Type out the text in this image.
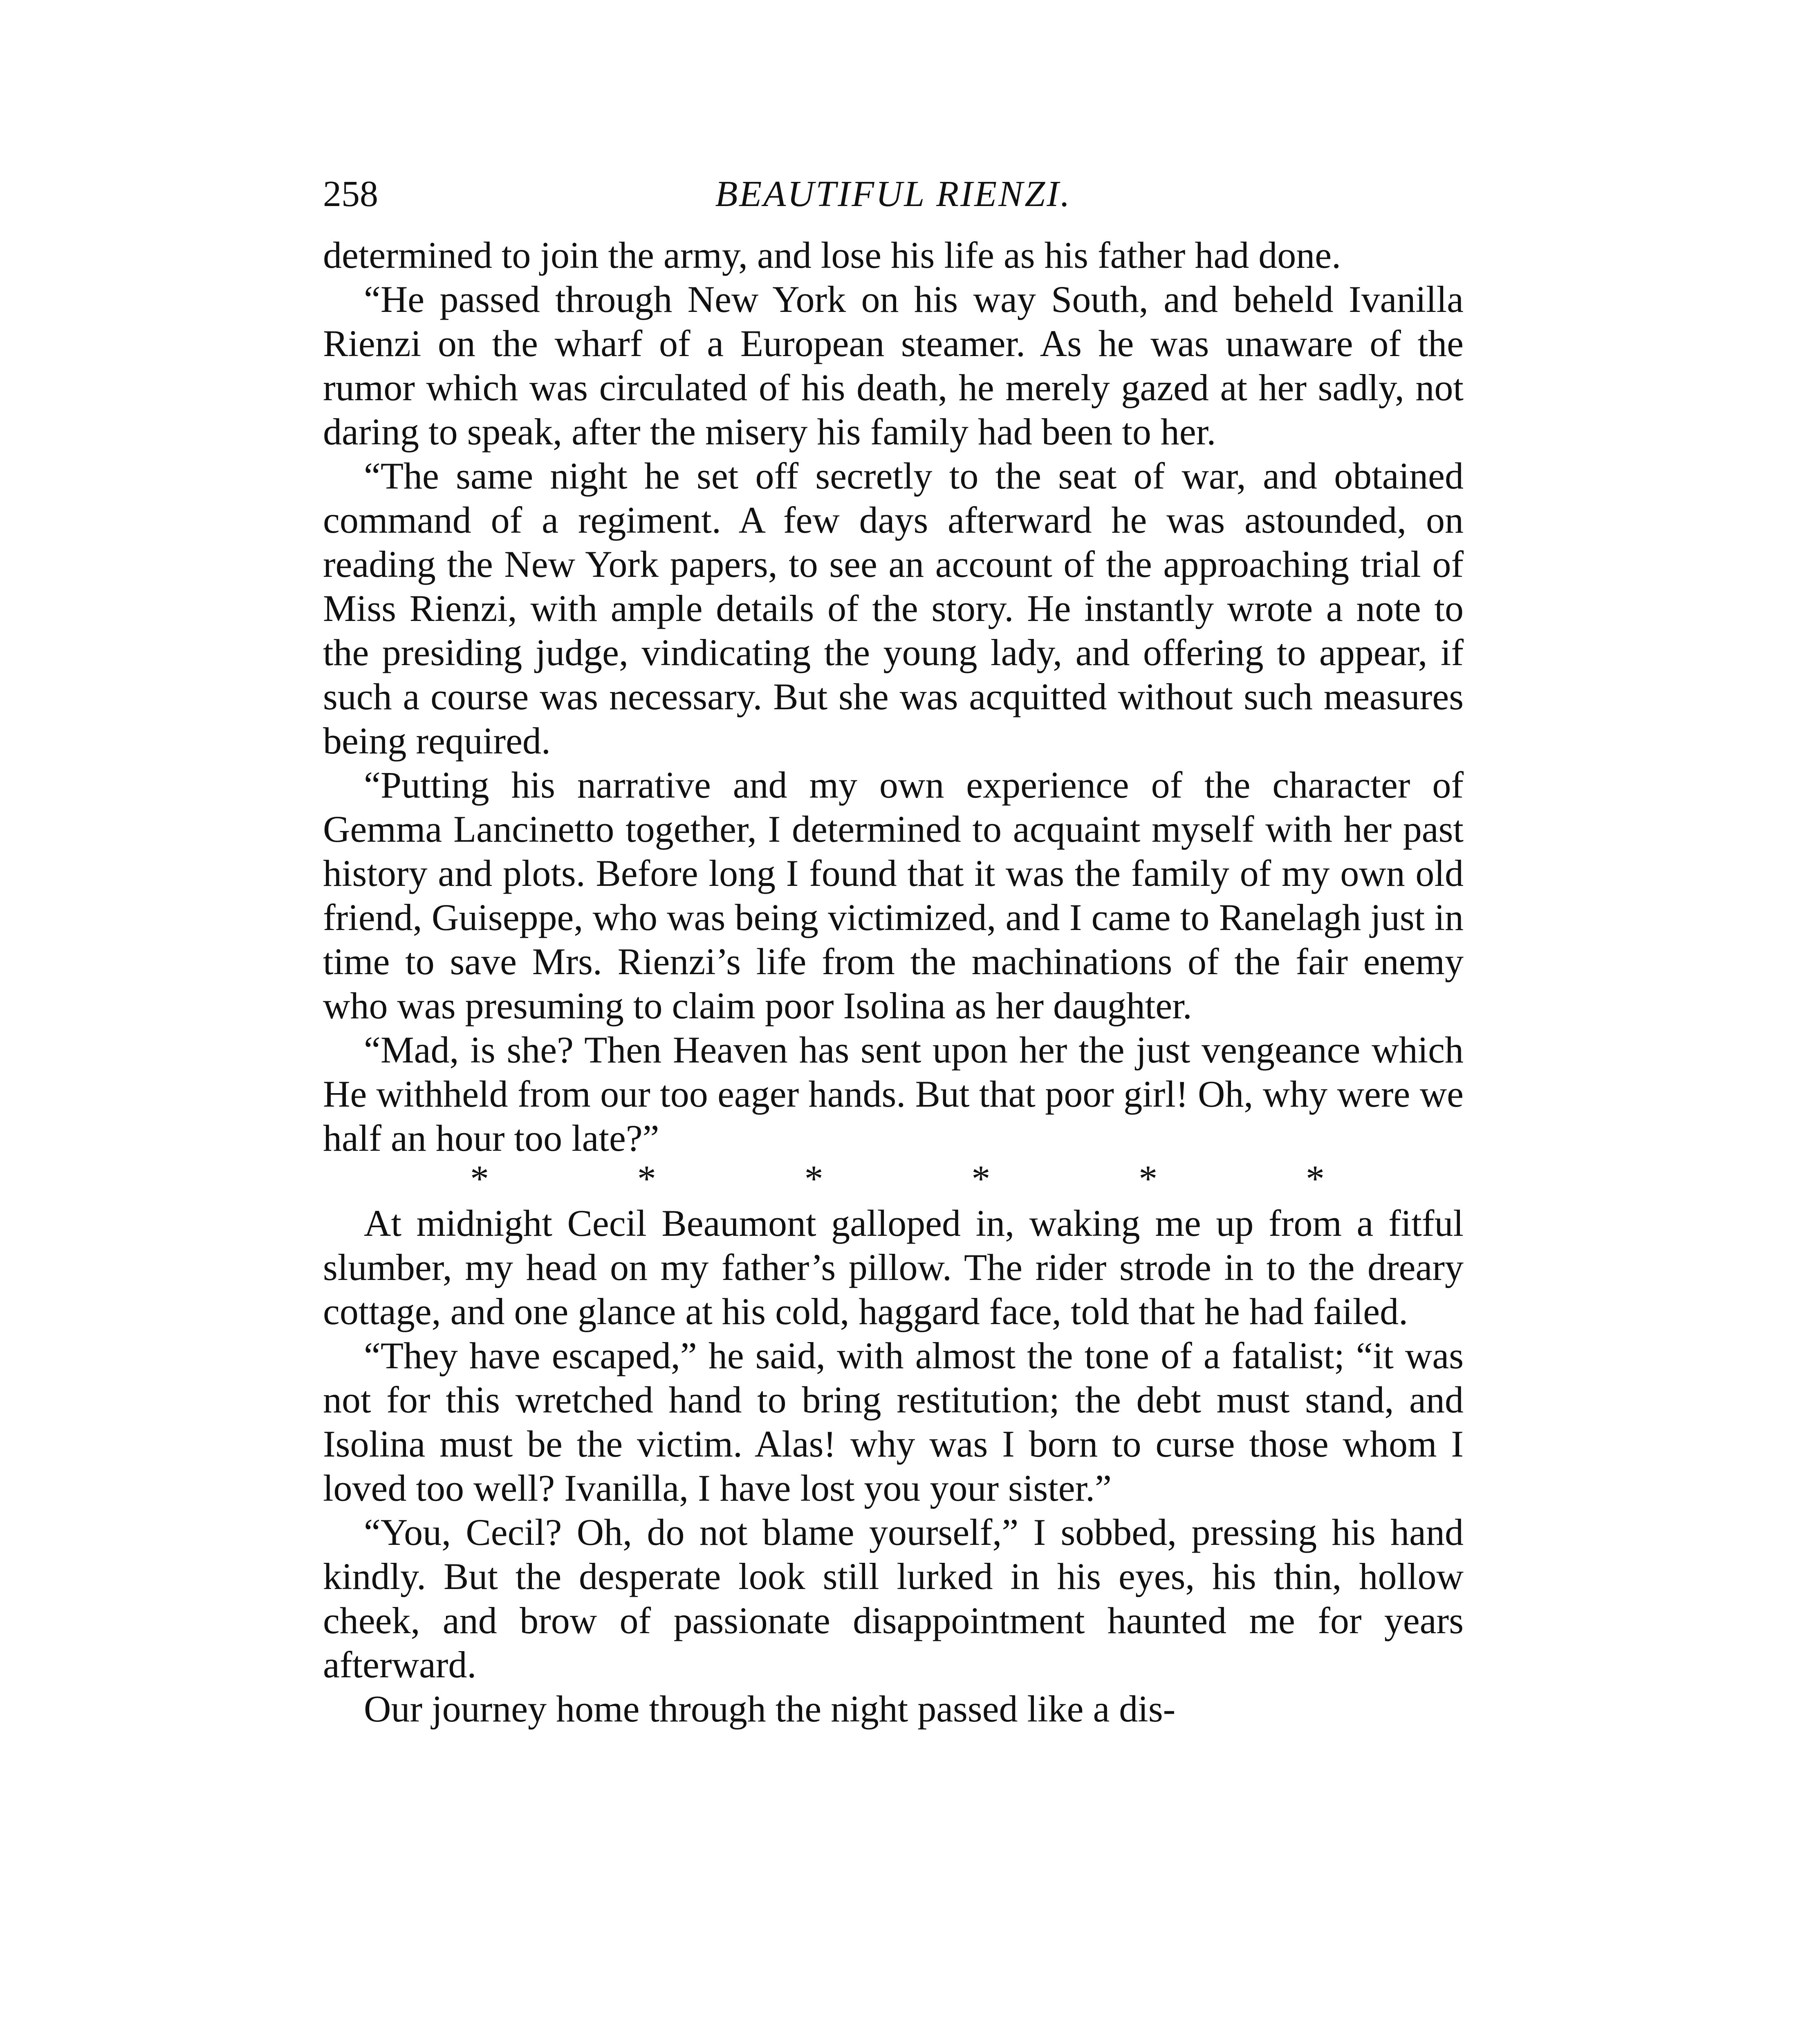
258	BEAUTIFUL RIENZI.

determined to join the army, and lose his life as his father had done.

“He passed through New York on his way South, and beheld Ivanilla Rienzi on the wharf of a European steamer. As he was unaware of the rumor which was circulated of his death, he merely gazed at her sadly, not daring to speak, after the misery his family had been to her.

“The same night he set off secretly to the seat of war, and obtained command of a regiment. A few days afterward he was astounded, on reading the New York papers, to see an account of the approaching trial of Miss Rienzi, with ample details of the story. He instantly wrote a note to the presiding judge, vindicating the young lady, and offering to appear, if such a course was necessary. But she was acquitted without such measures being required.

“Putting his narrative and my own experience of the character of Gemma Lancinetto together, I determined to acquaint myself with her past history and plots. Before long I found that it was the family of my own old friend, Guiseppe, who was being victimized, and I came to Ranelagh just in time to save Mrs. Rienzi’s life from the machinations of the fair enemy who was presuming to claim poor Isolina as her daughter.

“Mad, is she? Then Heaven has sent upon her the just vengeance which He withheld from our too eager hands. But that poor girl! Oh, why were we half an hour too late?”

*	*	*	*	*	*

At midnight Cecil Beaumont galloped in, waking me up from a fitful slumber, my head on my father’s pillow. The rider strode in to the dreary cottage, and one glance at his cold, haggard face, told that he had failed.

“They have escaped,” he said, with almost the tone of a fatalist; “it was not for this wretched hand to bring restitution; the debt must stand, and Isolina must be the victim. Alas! why was I born to curse those whom I loved too well? Ivanilla, I have lost you your sister.”

“You, Cecil? Oh, do not blame yourself,” I sobbed, pressing his hand kindly. But the desperate look still lurked in his eyes, his thin, hollow cheek, and brow of passionate disappointment haunted me for years afterward.

Our journey home through the night passed like a dis-
